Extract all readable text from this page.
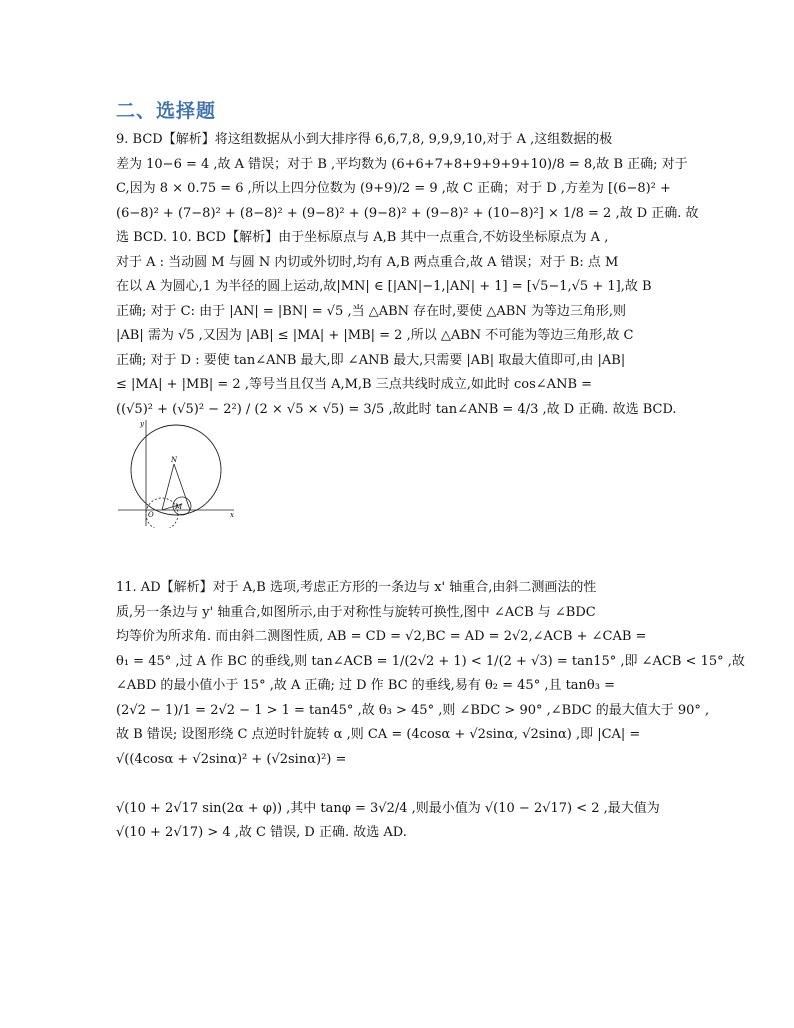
二、选择题

9. BCD【解析】将这组数据从小到大排序得 6,6,7,8, 9,9,9,10,对于 A ,这组数据的极

差为 10−6 = 4 ,故 A 错误；对于 B ,平均数为 (6+6+7+8+9+9+9+10)/8 = 8,故 B 正确; 对于

C,因为 8 × 0.75 = 6 ,所以上四分位数为 (9+9)/2 = 9 ,故 C 正确；对于 D ,方差为 [(6−8)² +

(6−8)² + (7−8)² + (8−8)² + (9−8)² + (9−8)² + (9−8)² + (10−8)²] × 1/8 = 2 ,故 D 正确. 故

选 BCD. 10. BCD【解析】由于坐标原点与 A,B 其中一点重合,不妨设坐标原点为 A ,

对于 A : 当动圆 M 与圆 N 内切或外切时,均有 A,B 两点重合,故 A 错误；对于 B: 点 M

在以 A 为圆心,1 为半径的圆上运动,故|MN| ∈ [|AN|−1,|AN| + 1] = [√5−1,√5 + 1],故 B

正确; 对于 C: 由于 |AN| = |BN| = √5 ,当 △ABN 存在时,要使 △ABN 为等边三角形,则

|AB| 需为 √5 ,又因为 |AB| ≤ |MA| + |MB| = 2 ,所以 △ABN 不可能为等边三角形,故 C

正确; 对于 D : 要使 tan∠ANB 最大,即 ∠ANB 最大,只需要 |AB| 取最大值即可,由 |AB|

≤ |MA| + |MB| = 2 ,等号当且仅当 A,M,B 三点共线时成立,如此时 cos∠ANB =

((√5)² + (√5)² − 2²) / (2 × √5 × √5) = 3/5 ,故此时 tan∠ANB = 4/3 ,故 D 正确. 故选 BCD.

y
x
O
N
M

11. AD【解析】对于 A,B 选项,考虑正方形的一条边与 x' 轴重合,由斜二测画法的性

质,另一条边与 y' 轴重合,如图所示,由于对称性与旋转可换性,图中 ∠ACB 与 ∠BDC

均等价为所求角. 而由斜二测图性质, AB = CD = √2,BC = AD = 2√2,∠ACB + ∠CAB =

θ₁ = 45° ,过 A 作 BC 的垂线,则 tan∠ACB = 1/(2√2 + 1) < 1/(2 + √3) = tan15° ,即 ∠ACB < 15° ,故

∠ABD 的最小值小于 15° ,故 A 正确; 过 D 作 BC 的垂线,易有 θ₂ = 45° ,且 tanθ₃ =

(2√2 − 1)/1 = 2√2 − 1 > 1 = tan45° ,故 θ₃ > 45° ,则 ∠BDC > 90° ,∠BDC 的最大值大于 90° ,

故 B 错误; 设图形绕 C 点逆时针旋转 α ,则 CA = (4cosα + √2sinα, √2sinα) ,即 |CA| =

√((4cosα + √2sinα)² + (√2sinα)²) =

√(10 + 2√17 sin(2α + φ)) ,其中 tanφ = 3√2/4 ,则最小值为 √(10 − 2√17) < 2 ,最大值为

√(10 + 2√17) > 4 ,故 C 错误, D 正确. 故选 AD.
